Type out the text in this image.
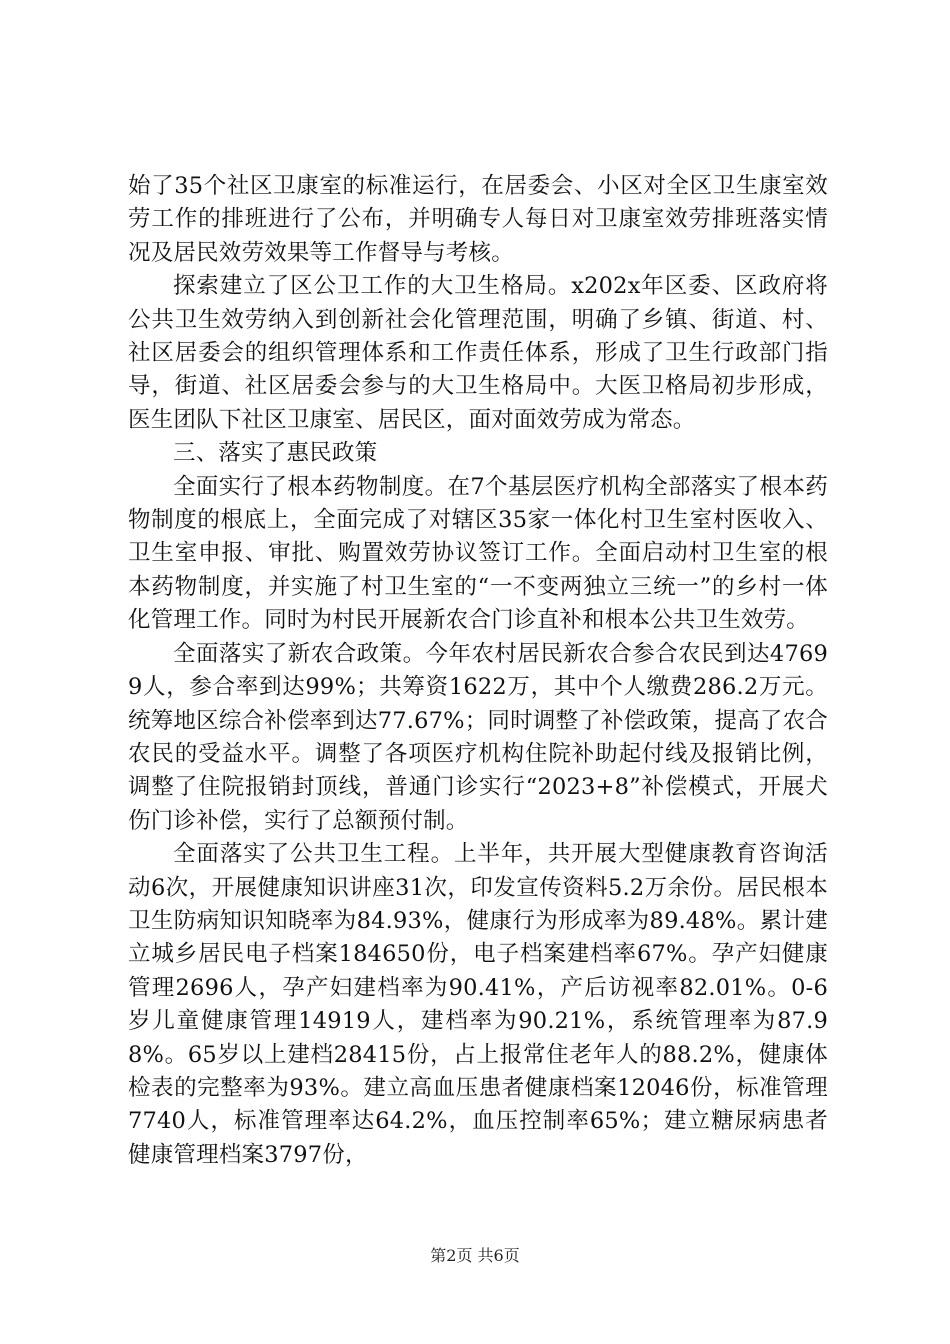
始了35个社区卫康室的标准运行，在居委会、小区对全区卫生康室效劳工作的排班进行了公布，并明确专人每日对卫康室效劳排班落实情况及居民效劳效果等工作督导与考核。

探索建立了区公卫工作的大卫生格局。x202x年区委、区政府将公共卫生效劳纳入到创新社会化管理范围，明确了乡镇、街道、村、社区居委会的组织管理体系和工作责任体系，形成了卫生行政部门指导，街道、社区居委会参与的大卫生格局中。大医卫格局初步形成，医生团队下社区卫康室、居民区，面对面效劳成为常态。

三、落实了惠民政策

全面实行了根本药物制度。在7个基层医疗机构全部落实了根本药物制度的根底上，全面完成了对辖区35家一体化村卫生室村医收入、卫生室申报、审批、购置效劳协议签订工作。全面启动村卫生室的根本药物制度，并实施了村卫生室的“一不变两独立三统一”的乡村一体化管理工作。同时为村民开展新农合门诊直补和根本公共卫生效劳。

全面落实了新农合政策。今年农村居民新农合参合农民到达47699人，参合率到达99%；共筹资1622万，其中个人缴费286.2万元。统筹地区综合补偿率到达77.67%；同时调整了补偿政策，提高了农合农民的受益水平。调整了各项医疗机构住院补助起付线及报销比例，调整了住院报销封顶线，普通门诊实行“2023+8”补偿模式，开展犬伤门诊补偿，实行了总额预付制。

全面落实了公共卫生工程。上半年，共开展大型健康教育咨询活动6次，开展健康知识讲座31次，印发宣传资料5.2万余份。居民根本卫生防病知识知晓率为84.93%，健康行为形成率为89.48%。累计建立城乡居民电子档案184650份，电子档案建档率67%。孕产妇健康管理2696人，孕产妇建档率为90.41%，产后访视率82.01%。0-6岁儿童健康管理14919人，建档率为90.21%，系统管理率为87.98%。65岁以上建档28415份，占上报常住老年人的88.2%，健康体检表的完整率为93%。建立高血压患者健康档案12046份，标准管理7740人，标准管理率达64.2%，血压控制率65%；建立糖尿病患者健康管理档案3797份，

第2页 共6页
